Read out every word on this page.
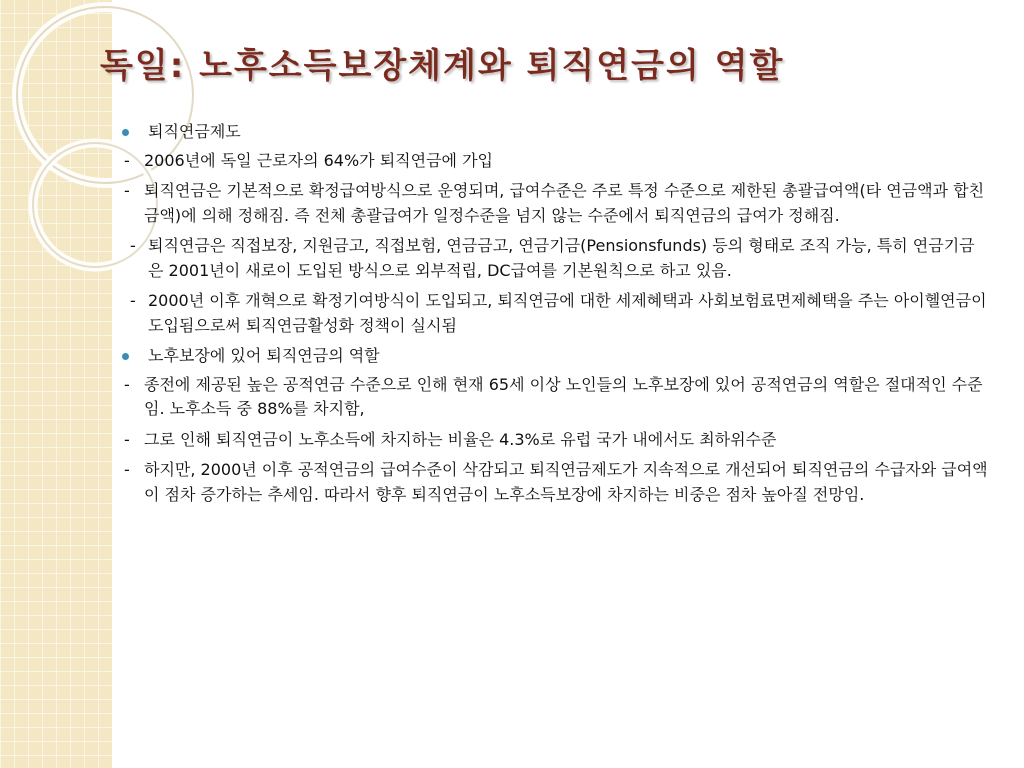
독일: 노후소득보장체계와 퇴직연금의 역할
퇴직연금제도
- 2006년에 독일 근로자의 64%가 퇴직연금에 가입
- 퇴직연금은 기본적으로 확정급여방식으로 운영되며, 급여수준은 주로 특정 수준으로 제한된 총괄급여액(타 연금액과 합친 금액)에 의해 정해짐. 즉 전체 총괄급여가 일정수준을 넘지 않는 수준에서 퇴직연금의 급여가 정해짐.
- 퇴직연금은 직접보장, 지원금고, 직접보험, 연금금고, 연금기금(Pensionsfunds) 등의 형태로 조직 가능, 특히 연금기금은 2001년이 새로이 도입된 방식으로 외부적립, DC급여를 기본원칙으로 하고 있음.
- 2000년 이후 개혁으로 확정기여방식이 도입되고, 퇴직연금에 대한 세제혜택과 사회보험료면제혜택을 주는 아이헬연금이 도입됨으로써 퇴직연금활성화 정책이 실시됨
노후보장에 있어 퇴직연금의 역할
- 종전에 제공된 높은 공적연금 수준으로 인해 현재 65세 이상 노인들의 노후보장에 있어 공적연금의 역할은 절대적인 수준임. 노후소득 중 88%를 차지함,
- 그로 인해 퇴직연금이 노후소득에 차지하는 비율은 4.3%로 유럽 국가 내에서도 최하위수준
- 하지만, 2000년 이후 공적연금의 급여수준이 삭감되고 퇴직연금제도가 지속적으로 개선되어 퇴직연금의 수급자와 급여액이 점차 증가하는 추세임. 따라서 향후 퇴직연금이 노후소득보장에 차지하는 비중은 점차 높아질 전망임.
